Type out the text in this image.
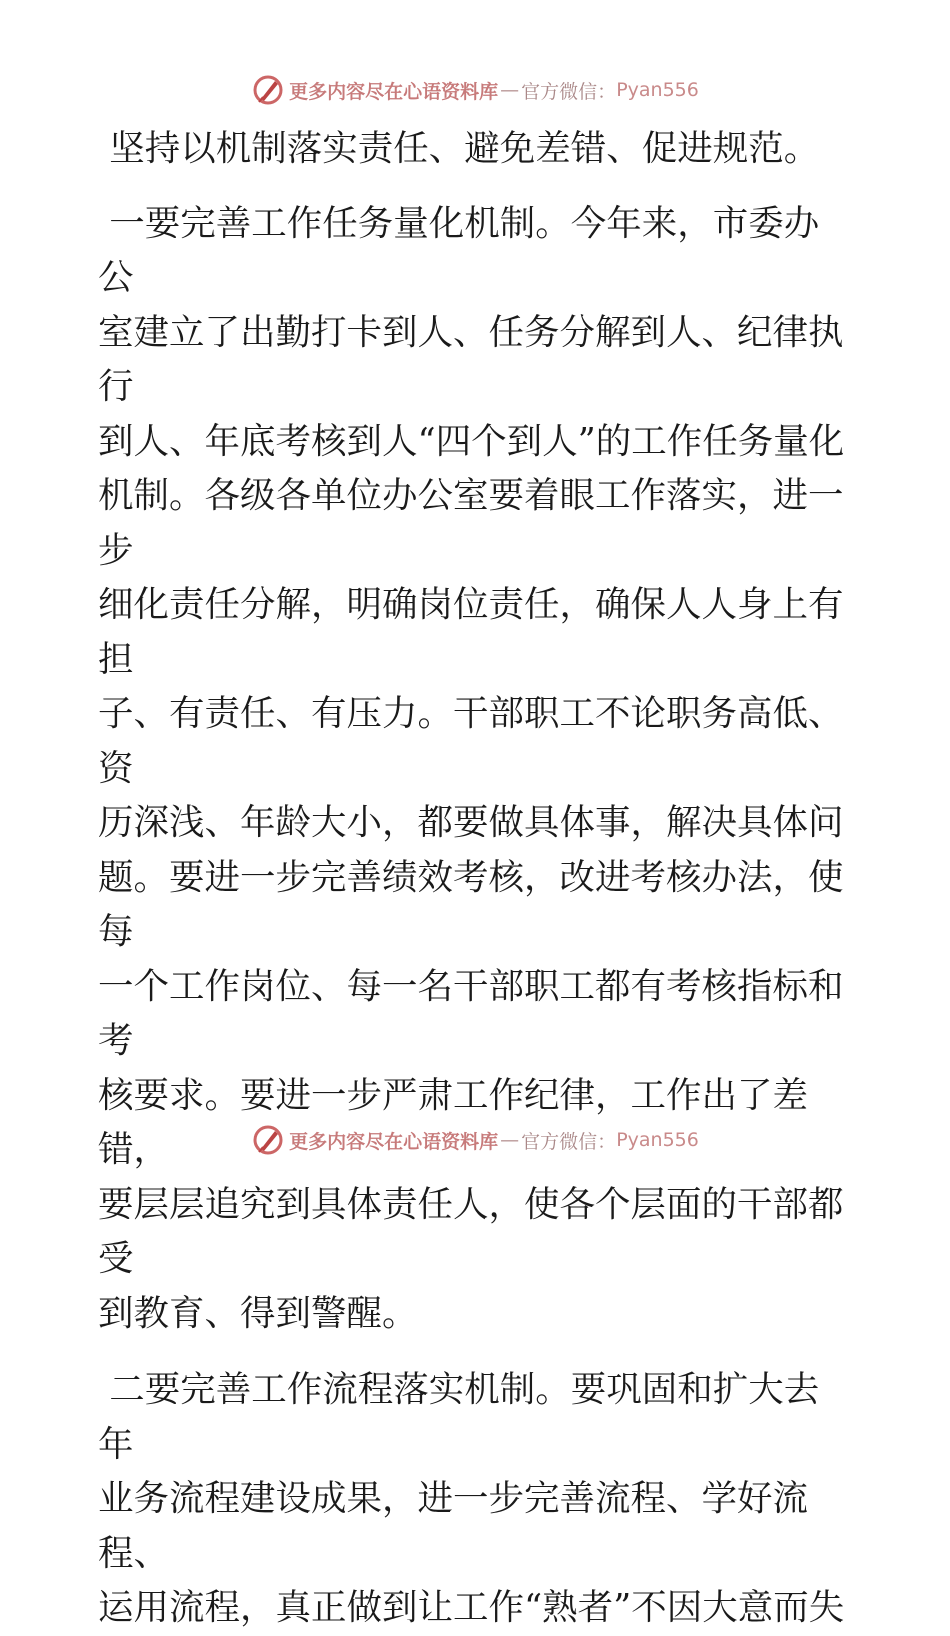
更多内容尽在心语资料库 — 官方微信： Pyan556

坚持以机制落实责任、避免差错、促进规范。

一要完善工作任务量化机制。今年来，市委办公

室建立了出勤打卡到人、任务分解到人、纪律执行

到人、年底考核到人“四个到人”的工作任务量化

机制。各级各单位办公室要着眼工作落实，进一步

细化责任分解，明确岗位责任，确保人人身上有担

子、有责任、有压力。干部职工不论职务高低、资

历深浅、年龄大小，都要做具体事，解决具体问

题。要进一步完善绩效考核，改进考核办法，使每

一个工作岗位、每一名干部职工都有考核指标和考

核要求。要进一步严肃工作纪律，工作出了差错，

要层层追究到具体责任人，使各个层面的干部都受

到教育、得到警醒。

二要完善工作流程落实机制。要巩固和扩大去年

业务流程建设成果，进一步完善流程、学好流程、

运用流程，真正做到让工作“熟者”不因大意而失

更多内容尽在心语资料库 — 官方微信： Pyan556
